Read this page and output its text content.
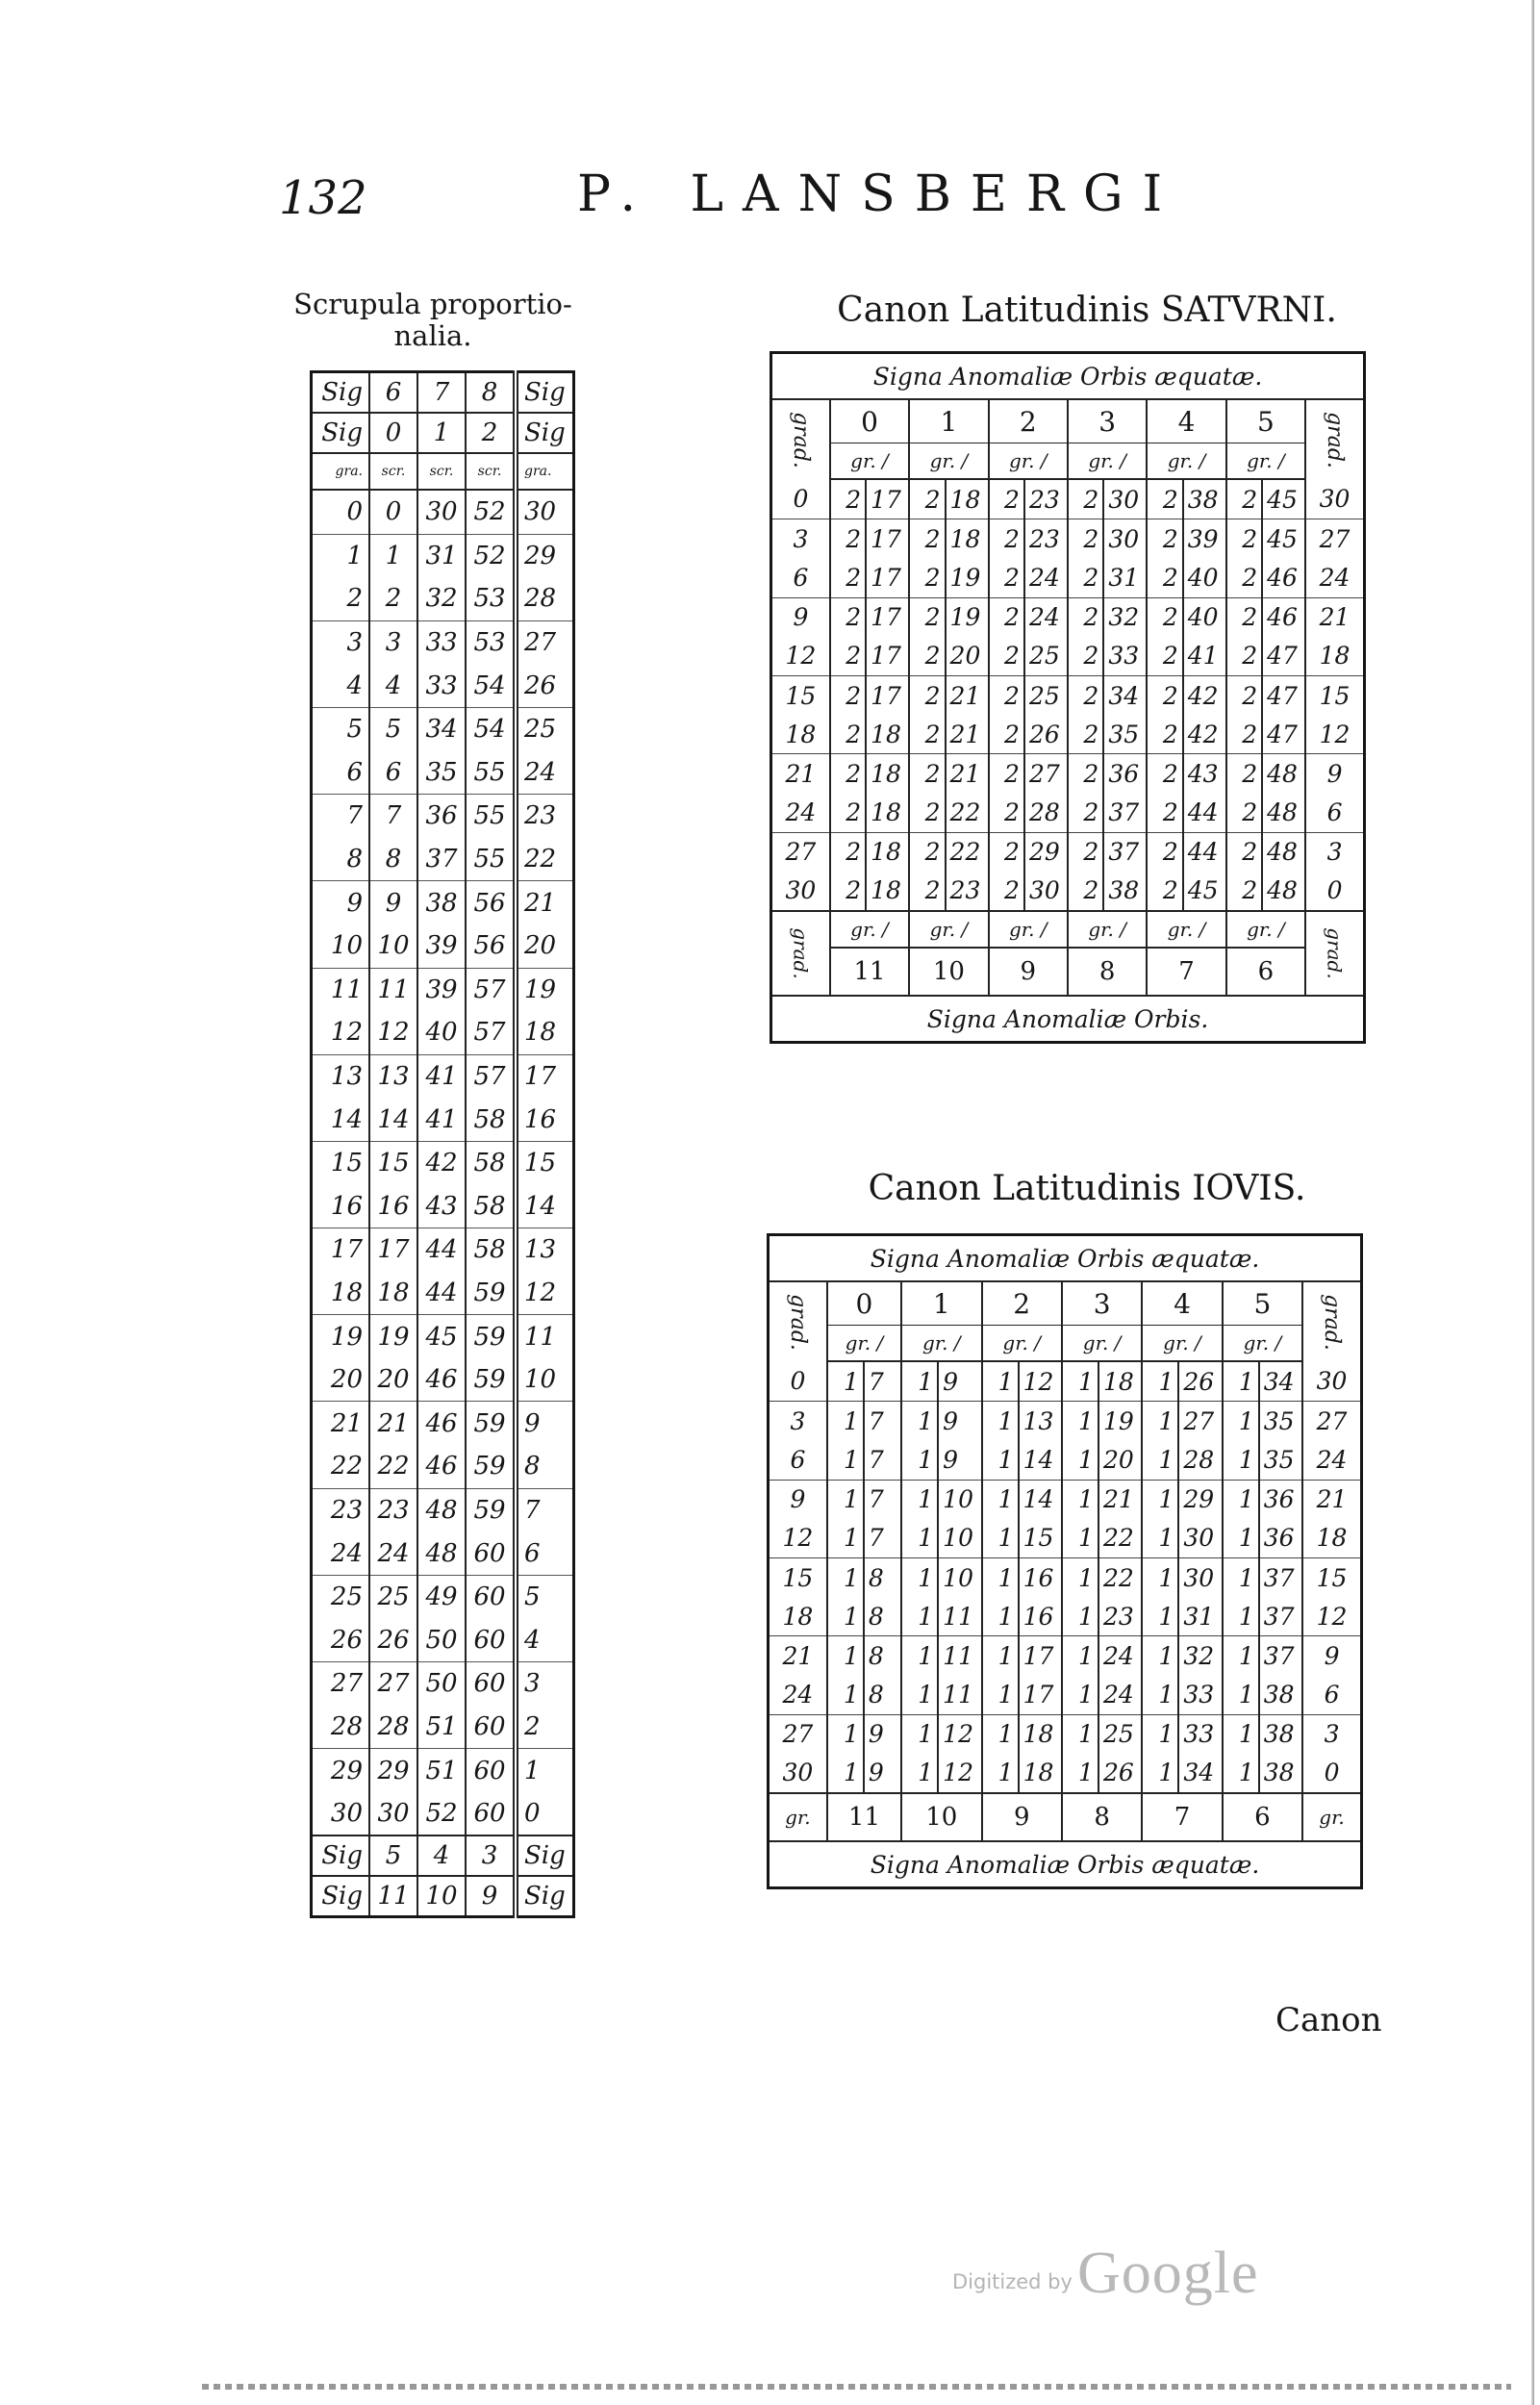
132	P. LANSBERGI
Scrupula proportio-nalia.
Sig	6	7	8	Sig
Sig	0	1	2	Sig
gra.	scr.	scr.	scr.	gra.
0	0	30	52	30
1	1	31	52	29
2	2	32	53	28
3	3	33	53	27
4	4	33	54	26
5	5	34	54	25
6	6	35	55	24
7	7	36	55	23
8	8	37	55	22
9	9	38	56	21
10	10	39	56	20
11	11	39	57	19
12	12	40	57	18
13	13	41	57	17
14	14	41	58	16
15	15	42	58	15
16	16	43	58	14
17	17	44	58	13
18	18	44	59	12
19	19	45	59	11
20	20	46	59	10
21	21	46	59	9
22	22	46	59	8
23	23	48	59	7
24	24	48	60	6
25	25	49	60	5
26	26	50	60	4
27	27	50	60	3
28	28	51	60	2
29	29	51	60	1
30	30	52	60	0
Sig	5	4	3	Sig
Sig	11	10	9	Sig
Canon Latitudinis SATVRNI.
Signa Anomaliæ Orbis æquatæ.													
grad.	0		1		2		3		4		5		grad.
	gr. /		gr. /		gr. /		gr. /		gr. /		gr. /		
0	2	17	2	18	2	23	2	30	2	38	2	45	30
3	2	17	2	18	2	23	2	30	2	39	2	45	27
6	2	17	2	19	2	24	2	31	2	40	2	46	24
9	2	17	2	19	2	24	2	32	2	40	2	46	21
12	2	17	2	20	2	25	2	33	2	41	2	47	18
15	2	17	2	21	2	25	2	34	2	42	2	47	15
18	2	18	2	21	2	26	2	35	2	42	2	47	12
21	2	18	2	21	2	27	2	36	2	43	2	48	9
24	2	18	2	22	2	28	2	37	2	44	2	48	6
27	2	18	2	22	2	29	2	37	2	44	2	48	3
30	2	18	2	23	2	30	2	38	2	45	2	48	0
grad.	gr. /		gr. /		gr. /		gr. /		gr. /		gr. /		grad.
	11		10		9		8		7		6		
Signa Anomaliæ Orbis.													
Canon Latitudinis IOVIS.
Signa Anomaliæ Orbis æquatæ.													
grad.	0		1		2		3		4		5		grad.
	gr. /		gr. /		gr. /		gr. /		gr. /		gr. /		
0	1	7	1	9	1	12	1	18	1	26	1	34	30
3	1	7	1	9	1	13	1	19	1	27	1	35	27
6	1	7	1	9	1	14	1	20	1	28	1	35	24
9	1	7	1	10	1	14	1	21	1	29	1	36	21
12	1	7	1	10	1	15	1	22	1	30	1	36	18
15	1	8	1	10	1	16	1	22	1	30	1	37	15
18	1	8	1	11	1	16	1	23	1	31	1	37	12
21	1	8	1	11	1	17	1	24	1	32	1	37	9
24	1	8	1	11	1	17	1	24	1	33	1	38	6
27	1	9	1	12	1	18	1	25	1	33	1	38	3
30	1	9	1	12	1	18	1	26	1	34	1	38	0
gr.	11		10		9		8		7		6		gr.
Signa Anomaliæ Orbis æquatæ.													
Canon
Digitized by Google
